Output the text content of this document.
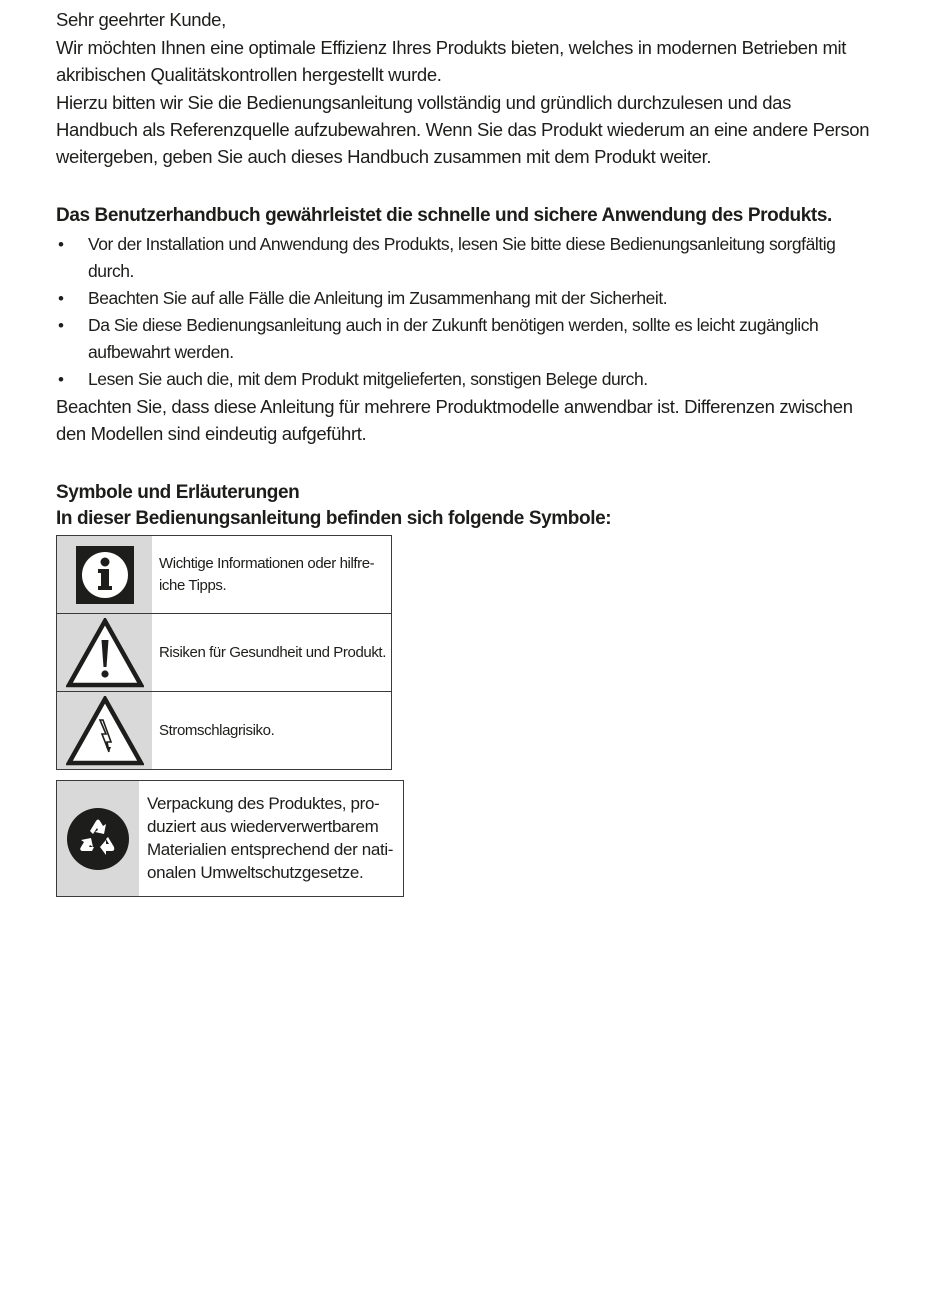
Sehr geehrter Kunde,

Wir möchten Ihnen eine optimale Effizienz Ihres Produkts bieten, welches in modernen Betrieben mit
akribischen Qualitätskontrollen hergestellt wurde.

Hierzu bitten wir Sie die Bedienungsanleitung vollständig und gründlich durchzulesen und das
Handbuch als Referenzquelle aufzubewahren. Wenn Sie das Produkt wiederum an eine andere Person
weitergeben, geben Sie auch dieses Handbuch zusammen mit dem Produkt weiter.

Das Benutzerhandbuch gewährleistet die schnelle und sichere Anwendung des Produkts.
• Vor der Installation und Anwendung des Produkts, lesen Sie bitte diese Bedienungsanleitung sorgfältig
durch.
• Beachten Sie auf alle Fälle die Anleitung im Zusammenhang mit der Sicherheit.
• Da Sie diese Bedienungsanleitung auch in der Zukunft benötigen werden, sollte es leicht zugänglich
aufbewahrt werden.
• Lesen Sie auch die, mit dem Produkt mitgelieferten, sonstigen Belege durch.

Beachten Sie, dass diese Anleitung für mehrere Produktmodelle anwendbar ist. Differenzen zwischen
den Modellen sind eindeutig aufgeführt.

Symbole und Erläuterungen
In dieser Bedienungsanleitung befinden sich folgende Symbole:
Wichtige Informationen oder hilfre-
iche Tipps.
Risiken für Gesundheit und Produkt.
Stromschlagrisiko.
Verpackung des Produktes, pro-
duziert aus wiederverwertbarem
Materialien entsprechend der nati-
onalen Umweltschutzgesetze.
